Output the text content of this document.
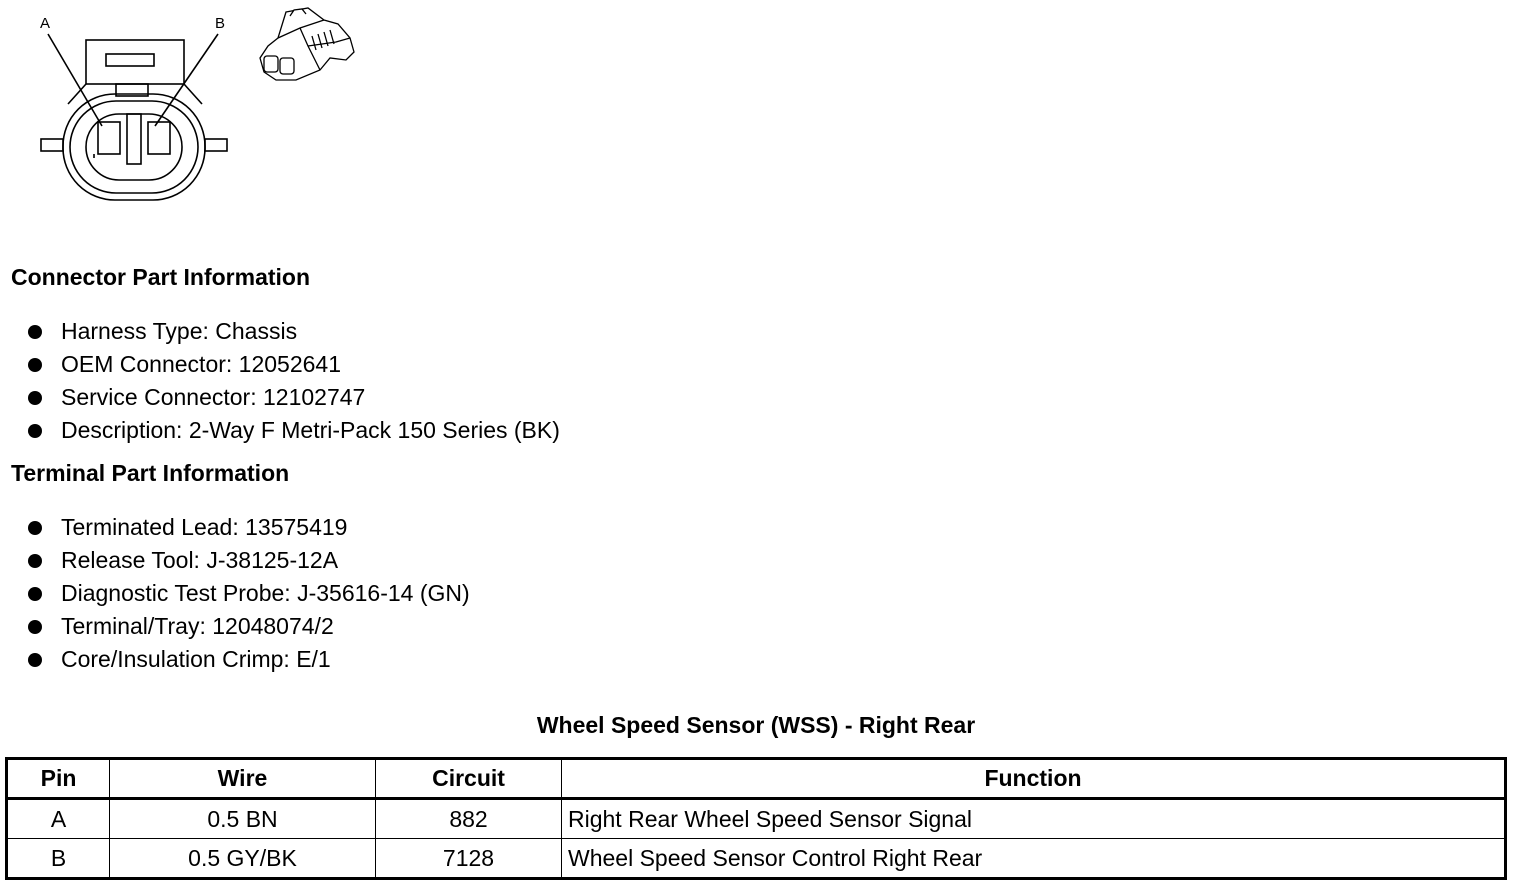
A	B
Connector Part Information
Harness Type: Chassis
OEM Connector: 12052641
Service Connector: 12102747
Description: 2-Way F Metri-Pack 150 Series (BK)
Terminal Part Information
Terminated Lead: 13575419
Release Tool: J-38125-12A
Diagnostic Test Probe: J-35616-14 (GN)
Terminal/Tray: 12048074/2
Core/Insulation Crimp: E/1
Wheel Speed Sensor (WSS) - Right Rear
Pin	Wire	Circuit	Function
A	0.5 BN	882	Right Rear Wheel Speed Sensor Signal
B	0.5 GY/BK	7128	Wheel Speed Sensor Control Right Rear
